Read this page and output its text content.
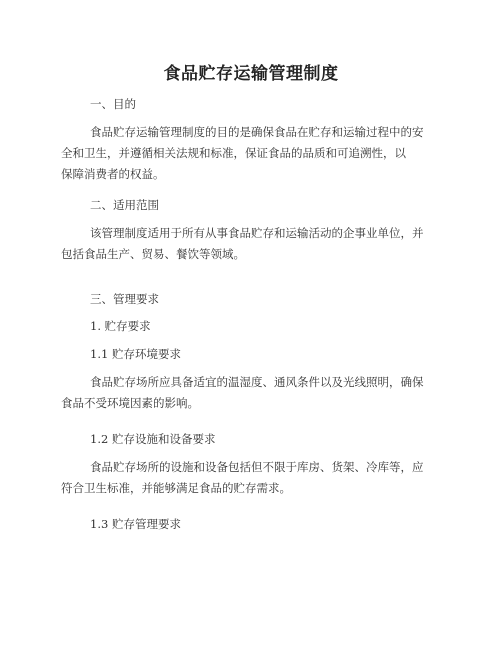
食品贮存运输管理制度
一、目的
食品贮存运输管理制度的目的是确保食品在贮存和运输过程中的安
全和卫生，并遵循相关法规和标准，保证食品的品质和可追溯性，以
保障消费者的权益。
二、适用范围
该管理制度适用于所有从事食品贮存和运输活动的企事业单位，并
包括食品生产、贸易、餐饮等领域。
三、管理要求
1. 贮存要求
1.1 贮存环境要求
食品贮存场所应具备适宜的温湿度、通风条件以及光线照明，确保
食品不受环境因素的影响。
1.2 贮存设施和设备要求
食品贮存场所的设施和设备包括但不限于库房、货架、冷库等，应
符合卫生标准，并能够满足食品的贮存需求。
1.3 贮存管理要求
